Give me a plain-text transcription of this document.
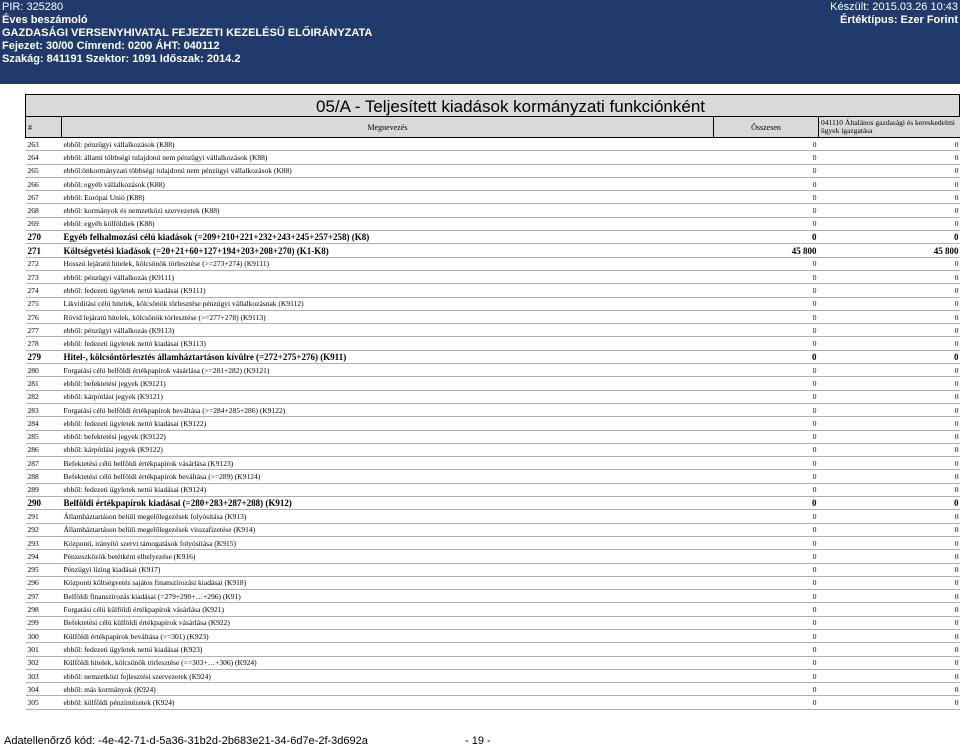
PIR: 325280
Éves beszámoló
GAZDASÁGI VERSENYHIVATAL FEJEZETI KEZELÉSŰ ELŐIRÁNYZATA
Fejezet: 30/00 Címrend: 0200 ÁHT: 040112
Szakág: 841191 Szektor: 1091 Időszak: 2014.2
Készült: 2015.03.26 10:43
Értéktípus: Ezer Forint
05/A - Teljesített kiadások kormányzati funkciónként
#	Megnevezés	Összesen	041110 Általános gazdasági és kereskedelmi ügyek igazgatása
263	ebből: pénzügyi vállalkozások (K88)	0	0
264	ebből: állami többségi tulajdonú nem pénzügyi vállalkozások (K88)	0	0
265	ebből:önkormányzati többségi tulajdonú nem pénzügyi vállalkozások (K88)	0	0
266	ebből: egyéb vállalkozások (K88)	0	0
267	ebből: Európai Unió (K88)	0	0
268	ebből: kormányok és nemzetközi szervezetek (K88)	0	0
269	ebből: egyéb külföldiek (K88)	0	0
270	Egyéb felhalmozási célú kiadások (=209+210+221+232+243+245+257+258) (K8)	0	0
271	Költségvetési kiadások (=20+21+60+127+194+203+208+270) (K1-K8)	45 800	45 800
272	Hosszú lejáratú hitelek, kölcsönök törlesztése (>=273+274) (K9111)	0	0
273	ebből: pénzügyi vállalkozás (K9111)	0	0
274	ebből: fedezeti ügyletek nettó kiadásai (K9111)	0	0
275	Likviditási célú hitelek, kölcsönök törlesztése pénzügyi vállalkozásnak (K9112)	0	0
276	Rövid lejáratú hitelek, kölcsönök törlesztése (>=277+278) (K9113)	0	0
277	ebből: pénzügyi vállalkozás (K9113)	0	0
278	ebből: fedezeti ügyletek nettó kiadásai (K9113)	0	0
279	Hitel-, kölcsöntörlesztés államháztartáson kívülre (=272+275+276) (K911)	0	0
280	Forgatási célú belföldi értékpapírok vásárlása (>=281+282) (K9121)	0	0
281	ebből: befektetési jegyek (K9121)	0	0
282	ebből: kárpótlási jegyek (K9121)	0	0
283	Forgatási célú belföldi értékpapírok beváltása (>=284+285+286) (K9122)	0	0
284	ebből: fedezeti ügyletek nettó kiadásai (K9122)	0	0
285	ebből: befektetési jegyek (K9122)	0	0
286	ebből: kárpótlási jegyek (K9122)	0	0
287	Befektetési célú belföldi értékpapírok vásárlása (K9123)	0	0
288	Befektetési célú belföldi értékpapírok beváltása (>=289) (K9124)	0	0
289	ebből: fedezeti ügyletek nettó kiadásai (K9124)	0	0
290	Belföldi értékpapírok kiadásai (=280+283+287+288) (K912)	0	0
291	Államháztartáson belüli megelőlegezések folyósítása (K913)	0	0
292	Államháztartáson belüli megelőlegezések visszafizetése (K914)	0	0
293	Központi, irányító szervi támogatások folyósítása (K915)	0	0
294	Pénzeszközök betétként elhelyezése (K916)	0	0
295	Pénzügyi lízing kiadásai (K917)	0	0
296	Központi költségvetés sajátos finanszírozási kiadásai (K918)	0	0
297	Belföldi finanszírozás kiadásai (=279+290+…+296) (K91)	0	0
298	Forgatási célú külföldi értékpapírok vásárlása (K921)	0	0
299	Befektetési célú külföldi értékpapírok vásárlása (K922)	0	0
300	Külföldi értékpapírok beváltása (>=301) (K923)	0	0
301	ebből: fedezeti ügyletek nettó kiadásai (K923)	0	0
302	Külföldi hitelek, kölcsönök törlesztése (>=303+…+306) (K924)	0	0
303	ebből: nemzetközi fejlesztési szervezetek (K924)	0	0
304	ebből: más kormányok (K924)	0	0
305	ebből: külföldi pénzintézetek (K924)	0	0
Adatellenőrző kód: -4e-42-71-d-5a36-31b2d-2b683e21-34-6d7e-2f-3d692a	- 19 -
